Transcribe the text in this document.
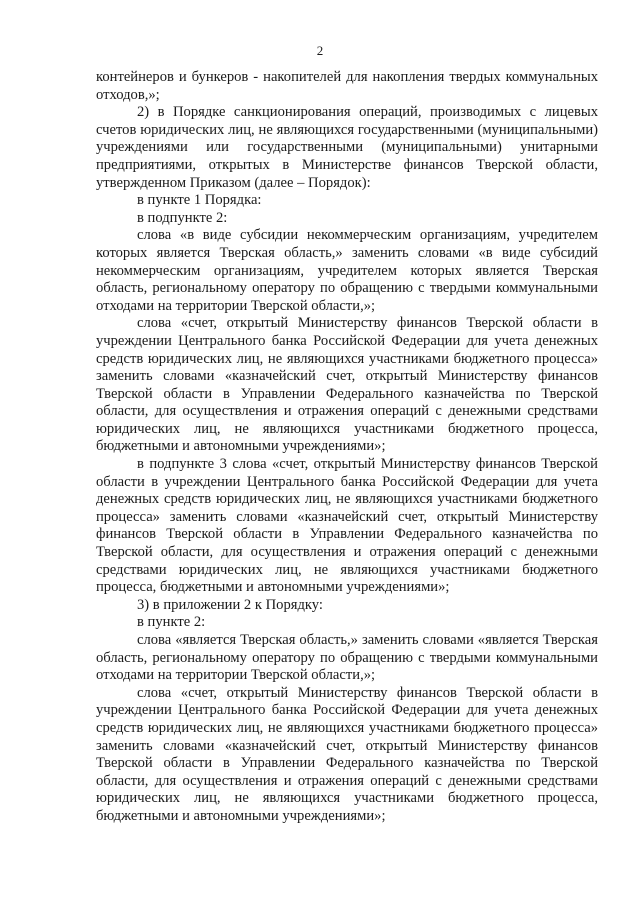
2

контейнеров и бункеров - накопителей для накопления твердых коммунальных отходов,»;

2) в Порядке санкционирования операций, производимых с лицевых счетов юридических лиц, не являющихся государственными (муниципальными) учреждениями или государственными (муниципальными) унитарными предприятиями, открытых в Министерстве финансов Тверской области, утвержденном Приказом (далее – Порядок):

в пункте 1 Порядка:

в подпункте 2:

слова «в виде субсидии некоммерческим организациям, учредителем которых является Тверская область,» заменить словами «в виде субсидий некоммерческим организациям, учредителем которых является Тверская область, региональному оператору по обращению с твердыми коммунальными отходами на территории Тверской области,»;

слова «счет, открытый Министерству финансов Тверской области в учреждении Центрального банка Российской Федерации для учета денежных средств юридических лиц, не являющихся участниками бюджетного процесса» заменить словами «казначейский счет, открытый Министерству финансов Тверской области в Управлении Федерального казначейства по Тверской области, для осуществления и отражения операций с денежными средствами юридических лиц, не являющихся участниками бюджетного процесса, бюджетными и автономными учреждениями»;

в подпункте 3 слова «счет, открытый Министерству финансов Тверской области в учреждении Центрального банка Российской Федерации для учета денежных средств юридических лиц, не являющихся участниками бюджетного процесса» заменить словами «казначейский счет, открытый Министерству финансов Тверской области в Управлении Федерального казначейства по Тверской области, для осуществления и отражения операций с денежными средствами юридических лиц, не являющихся участниками бюджетного процесса, бюджетными и автономными учреждениями»;

3) в приложении 2 к Порядку:

в пункте 2:

слова «является Тверская область,» заменить словами «является Тверская область, региональному оператору по обращению с твердыми коммунальными отходами на территории Тверской области,»;

слова «счет, открытый Министерству финансов Тверской области в учреждении Центрального банка Российской Федерации для учета денежных средств юридических лиц, не являющихся участниками бюджетного процесса» заменить словами «казначейский счет, открытый Министерству финансов Тверской области в Управлении Федерального казначейства по Тверской области, для осуществления и отражения операций с денежными средствами юридических лиц, не являющихся участниками бюджетного процесса, бюджетными и автономными учреждениями»;
